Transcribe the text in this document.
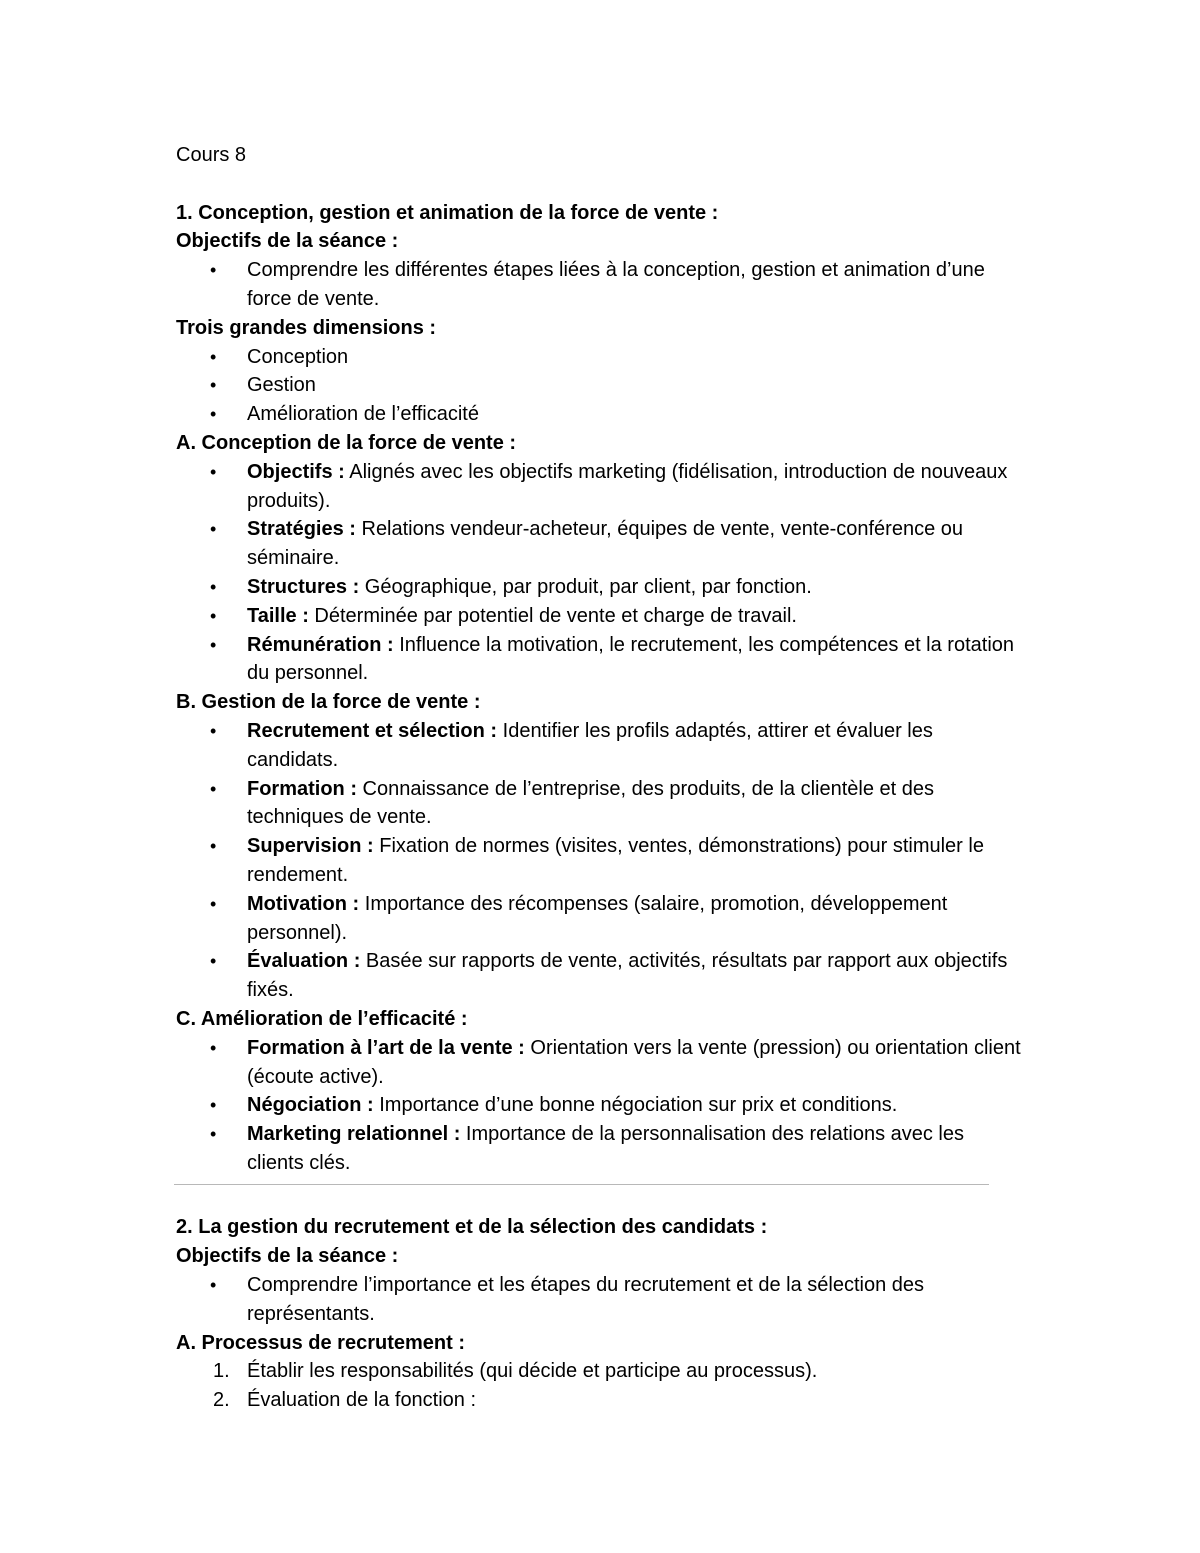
Cours 8
1. Conception, gestion et animation de la force de vente :
Objectifs de la séance :
• Comprendre les différentes étapes liées à la conception, gestion et animation d’une force de vente.
Trois grandes dimensions :
• Conception
• Gestion
• Amélioration de l’efficacité
A. Conception de la force de vente :
• Objectifs : Alignés avec les objectifs marketing (fidélisation, introduction de nouveaux produits).
• Stratégies : Relations vendeur-acheteur, équipes de vente, vente-conférence ou séminaire.
• Structures : Géographique, par produit, par client, par fonction.
• Taille : Déterminée par potentiel de vente et charge de travail.
• Rémunération : Influence la motivation, le recrutement, les compétences et la rotation du personnel.
B. Gestion de la force de vente :
• Recrutement et sélection : Identifier les profils adaptés, attirer et évaluer les candidats.
• Formation : Connaissance de l’entreprise, des produits, de la clientèle et des techniques de vente.
• Supervision : Fixation de normes (visites, ventes, démonstrations) pour stimuler le rendement.
• Motivation : Importance des récompenses (salaire, promotion, développement personnel).
• Évaluation : Basée sur rapports de vente, activités, résultats par rapport aux objectifs fixés.
C. Amélioration de l’efficacité :
• Formation à l’art de la vente : Orientation vers la vente (pression) ou orientation client (écoute active).
• Négociation : Importance d’une bonne négociation sur prix et conditions.
• Marketing relationnel : Importance de la personnalisation des relations avec les clients clés.
2. La gestion du recrutement et de la sélection des candidats :
Objectifs de la séance :
• Comprendre l’importance et les étapes du recrutement et de la sélection des représentants.
A. Processus de recrutement :
1. Établir les responsabilités (qui décide et participe au processus).
2. Évaluation de la fonction :
